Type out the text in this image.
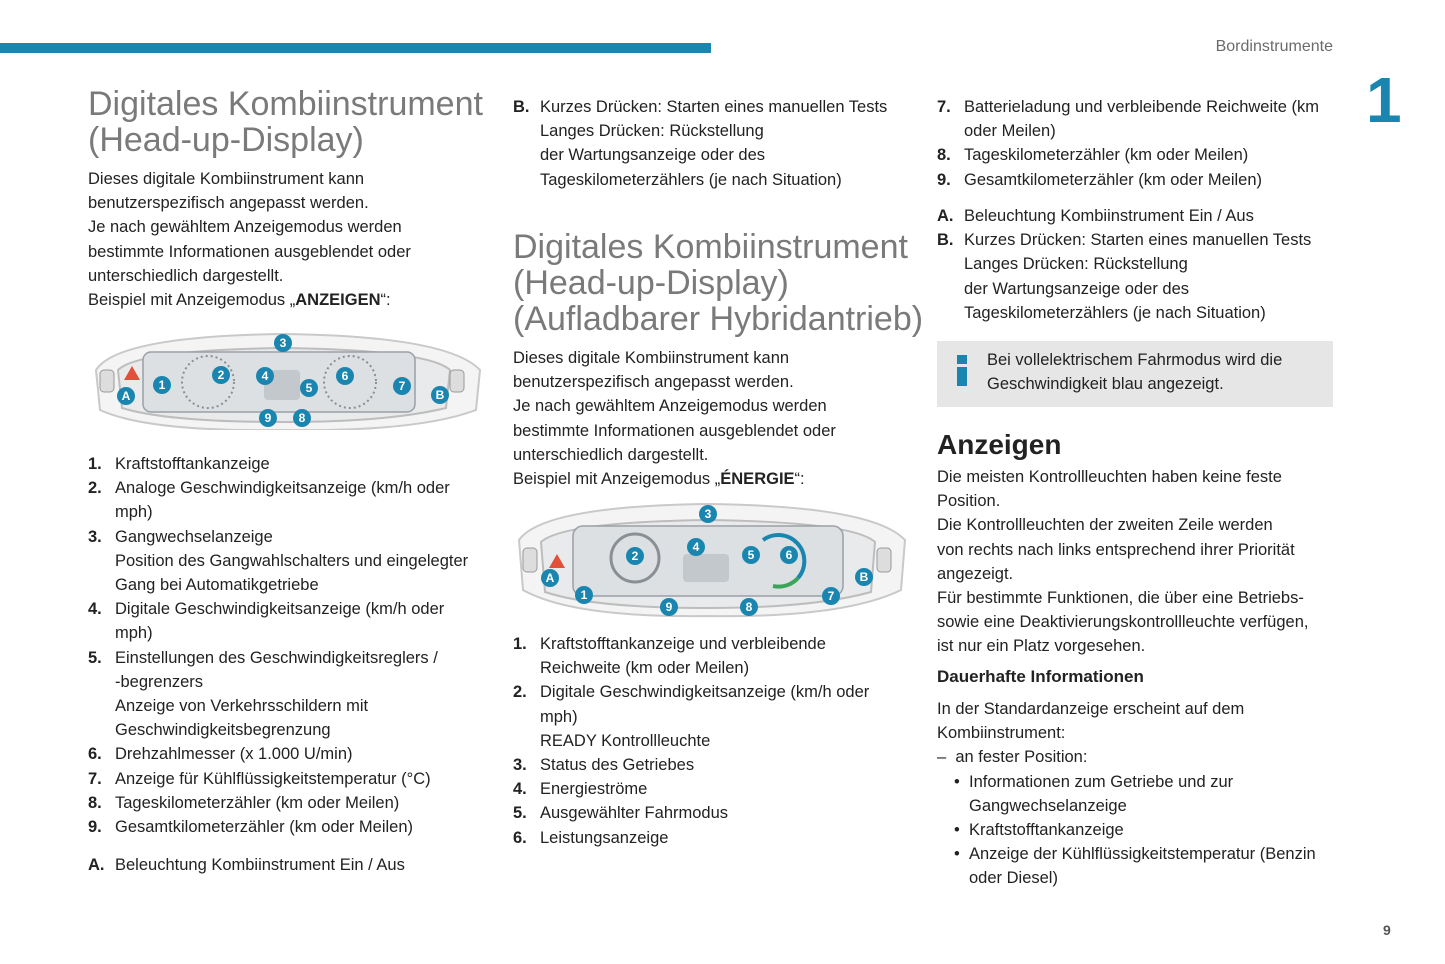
Bordinstrumente
1
9
Digitales Kombiinstrument
(Head-up-Display)
Dieses digitale Kombiinstrument kann
benutzerspezifisch angepasst werden.
Je nach gewähltem Anzeigemodus werden
bestimmte Informationen ausgeblendet oder
unterschiedlich dargestellt.
Beispiel mit Anzeigemodus „ANZEIGEN“:
A
1
2
3
4
5
6
7
B
9 8
1. Kraftstofftankanzeige
2. Analoge Geschwindigkeitsanzeige (km/h oder
mph)
3. Gangwechselanzeige
Position des Gangwahlschalters und eingelegter
Gang bei Automatikgetriebe
4. Digitale Geschwindigkeitsanzeige (km/h oder
mph)
5. Einstellungen des Geschwindigkeitsreglers /
-begrenzers
Anzeige von Verkehrsschildern mit
Geschwindigkeitsbegrenzung
6. Drehzahlmesser (x 1.000 U/min)
7. Anzeige für Kühlflüssigkeitstemperatur (°C)
8. Tageskilometerzähler (km oder Meilen)
9. Gesamtkilometerzähler (km oder Meilen)
A. Beleuchtung Kombiinstrument Ein / Aus
B. Kurzes Drücken: Starten eines manuellen Tests
Langes Drücken: Rückstellung
der Wartungsanzeige oder des
Tageskilometerzählers (je nach Situation)
Digitales Kombiinstrument
(Head-up-Display)
(Aufladbarer Hybridantrieb)
Dieses digitale Kombiinstrument kann
benutzerspezifisch angepasst werden.
Je nach gewähltem Anzeigemodus werden
bestimmte Informationen ausgeblendet oder
unterschiedlich dargestellt.
Beispiel mit Anzeigemodus „ÉNERGIE“:
A
1
2
3
4
5	6
7
B
9	8
1. Kraftstofftankanzeige und verbleibende
Reichweite (km oder Meilen)
2. Digitale Geschwindigkeitsanzeige (km/h oder
mph)
READY Kontrollleuchte
3. Status des Getriebes
4. Energieströme
5. Ausgewählter Fahrmodus
6. Leistungsanzeige
7. Batterieladung und verbleibende Reichweite (km
oder Meilen)
8. Tageskilometerzähler (km oder Meilen)
9. Gesamtkilometerzähler (km oder Meilen)
A. Beleuchtung Kombiinstrument Ein / Aus
B. Kurzes Drücken: Starten eines manuellen Tests
Langes Drücken: Rückstellung
der Wartungsanzeige oder des
Tageskilometerzählers (je nach Situation)
Bei vollelektrischem Fahrmodus wird die
Geschwindigkeit blau angezeigt.
Anzeigen
Die meisten Kontrollleuchten haben keine feste
Position.
Die Kontrollleuchten der zweiten Zeile werden
von rechts nach links entsprechend ihrer Priorität
angezeigt.
Für bestimmte Funktionen, die über eine Betriebs-
sowie eine Deaktivierungskontrollleuchte verfügen,
ist nur ein Platz vorgesehen.
Dauerhafte Informationen
In der Standardanzeige erscheint auf dem
Kombiinstrument:
– an fester Position:
• Informationen zum Getriebe und zur
Gangwechselanzeige
• Kraftstofftankanzeige
• Anzeige der Kühlflüssigkeitstemperatur (Benzin
oder Diesel)
